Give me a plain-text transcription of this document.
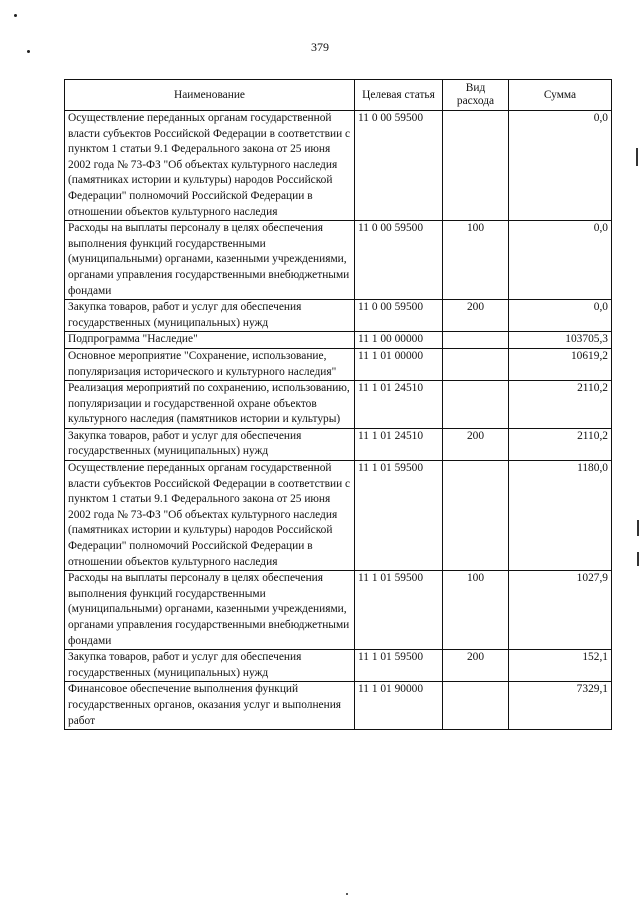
379
Наименование	Целевая статья	Вид расхода	Сумма
Осуществление переданных органам государственной власти субъектов Российской Федерации в соответствии с пунктом 1 статьи 9.1 Федерального закона от 25 июня 2002 года № 73-ФЗ "Об объектах культурного наследия (памятниках истории и культуры) народов Российской Федерации" полномочий Российской Федерации в отношении объектов культурного наследия	11 0 00 59500		0,0
Расходы на выплаты персоналу в целях обеспечения выполнения функций государственными (муниципальными) органами, казенными учреждениями, органами управления государственными внебюджетными фондами	11 0 00 59500	100	0,0
Закупка товаров, работ и услуг для обеспечения государственных (муниципальных) нужд	11 0 00 59500	200	0,0
Подпрограмма "Наследие"	11 1 00 00000		103705,3
Основное мероприятие "Сохранение, использование, популяризация исторического и культурного наследия"	11 1 01 00000		10619,2
Реализация мероприятий по сохранению, использованию, популяризации и государственной охране объектов культурного наследия (памятников истории и культуры)	11 1 01 24510		2110,2
Закупка товаров, работ и услуг для обеспечения государственных (муниципальных) нужд	11 1 01 24510	200	2110,2
Осуществление переданных органам государственной власти субъектов Российской Федерации в соответствии с пунктом 1 статьи 9.1 Федерального закона от 25 июня 2002 года № 73-ФЗ "Об объектах культурного наследия (памятниках истории и культуры) народов Российской Федерации" полномочий Российской Федерации в отношении объектов культурного наследия	11 1 01 59500		1180,0
Расходы на выплаты персоналу в целях обеспечения выполнения функций государственными (муниципальными) органами, казенными учреждениями, органами управления государственными внебюджетными фондами	11 1 01 59500	100	1027,9
Закупка товаров, работ и услуг для обеспечения государственных (муниципальных) нужд	11 1 01 59500	200	152,1
Финансовое обеспечение выполнения функций государственных органов, оказания услуг и выполнения работ	11 1 01 90000		7329,1
